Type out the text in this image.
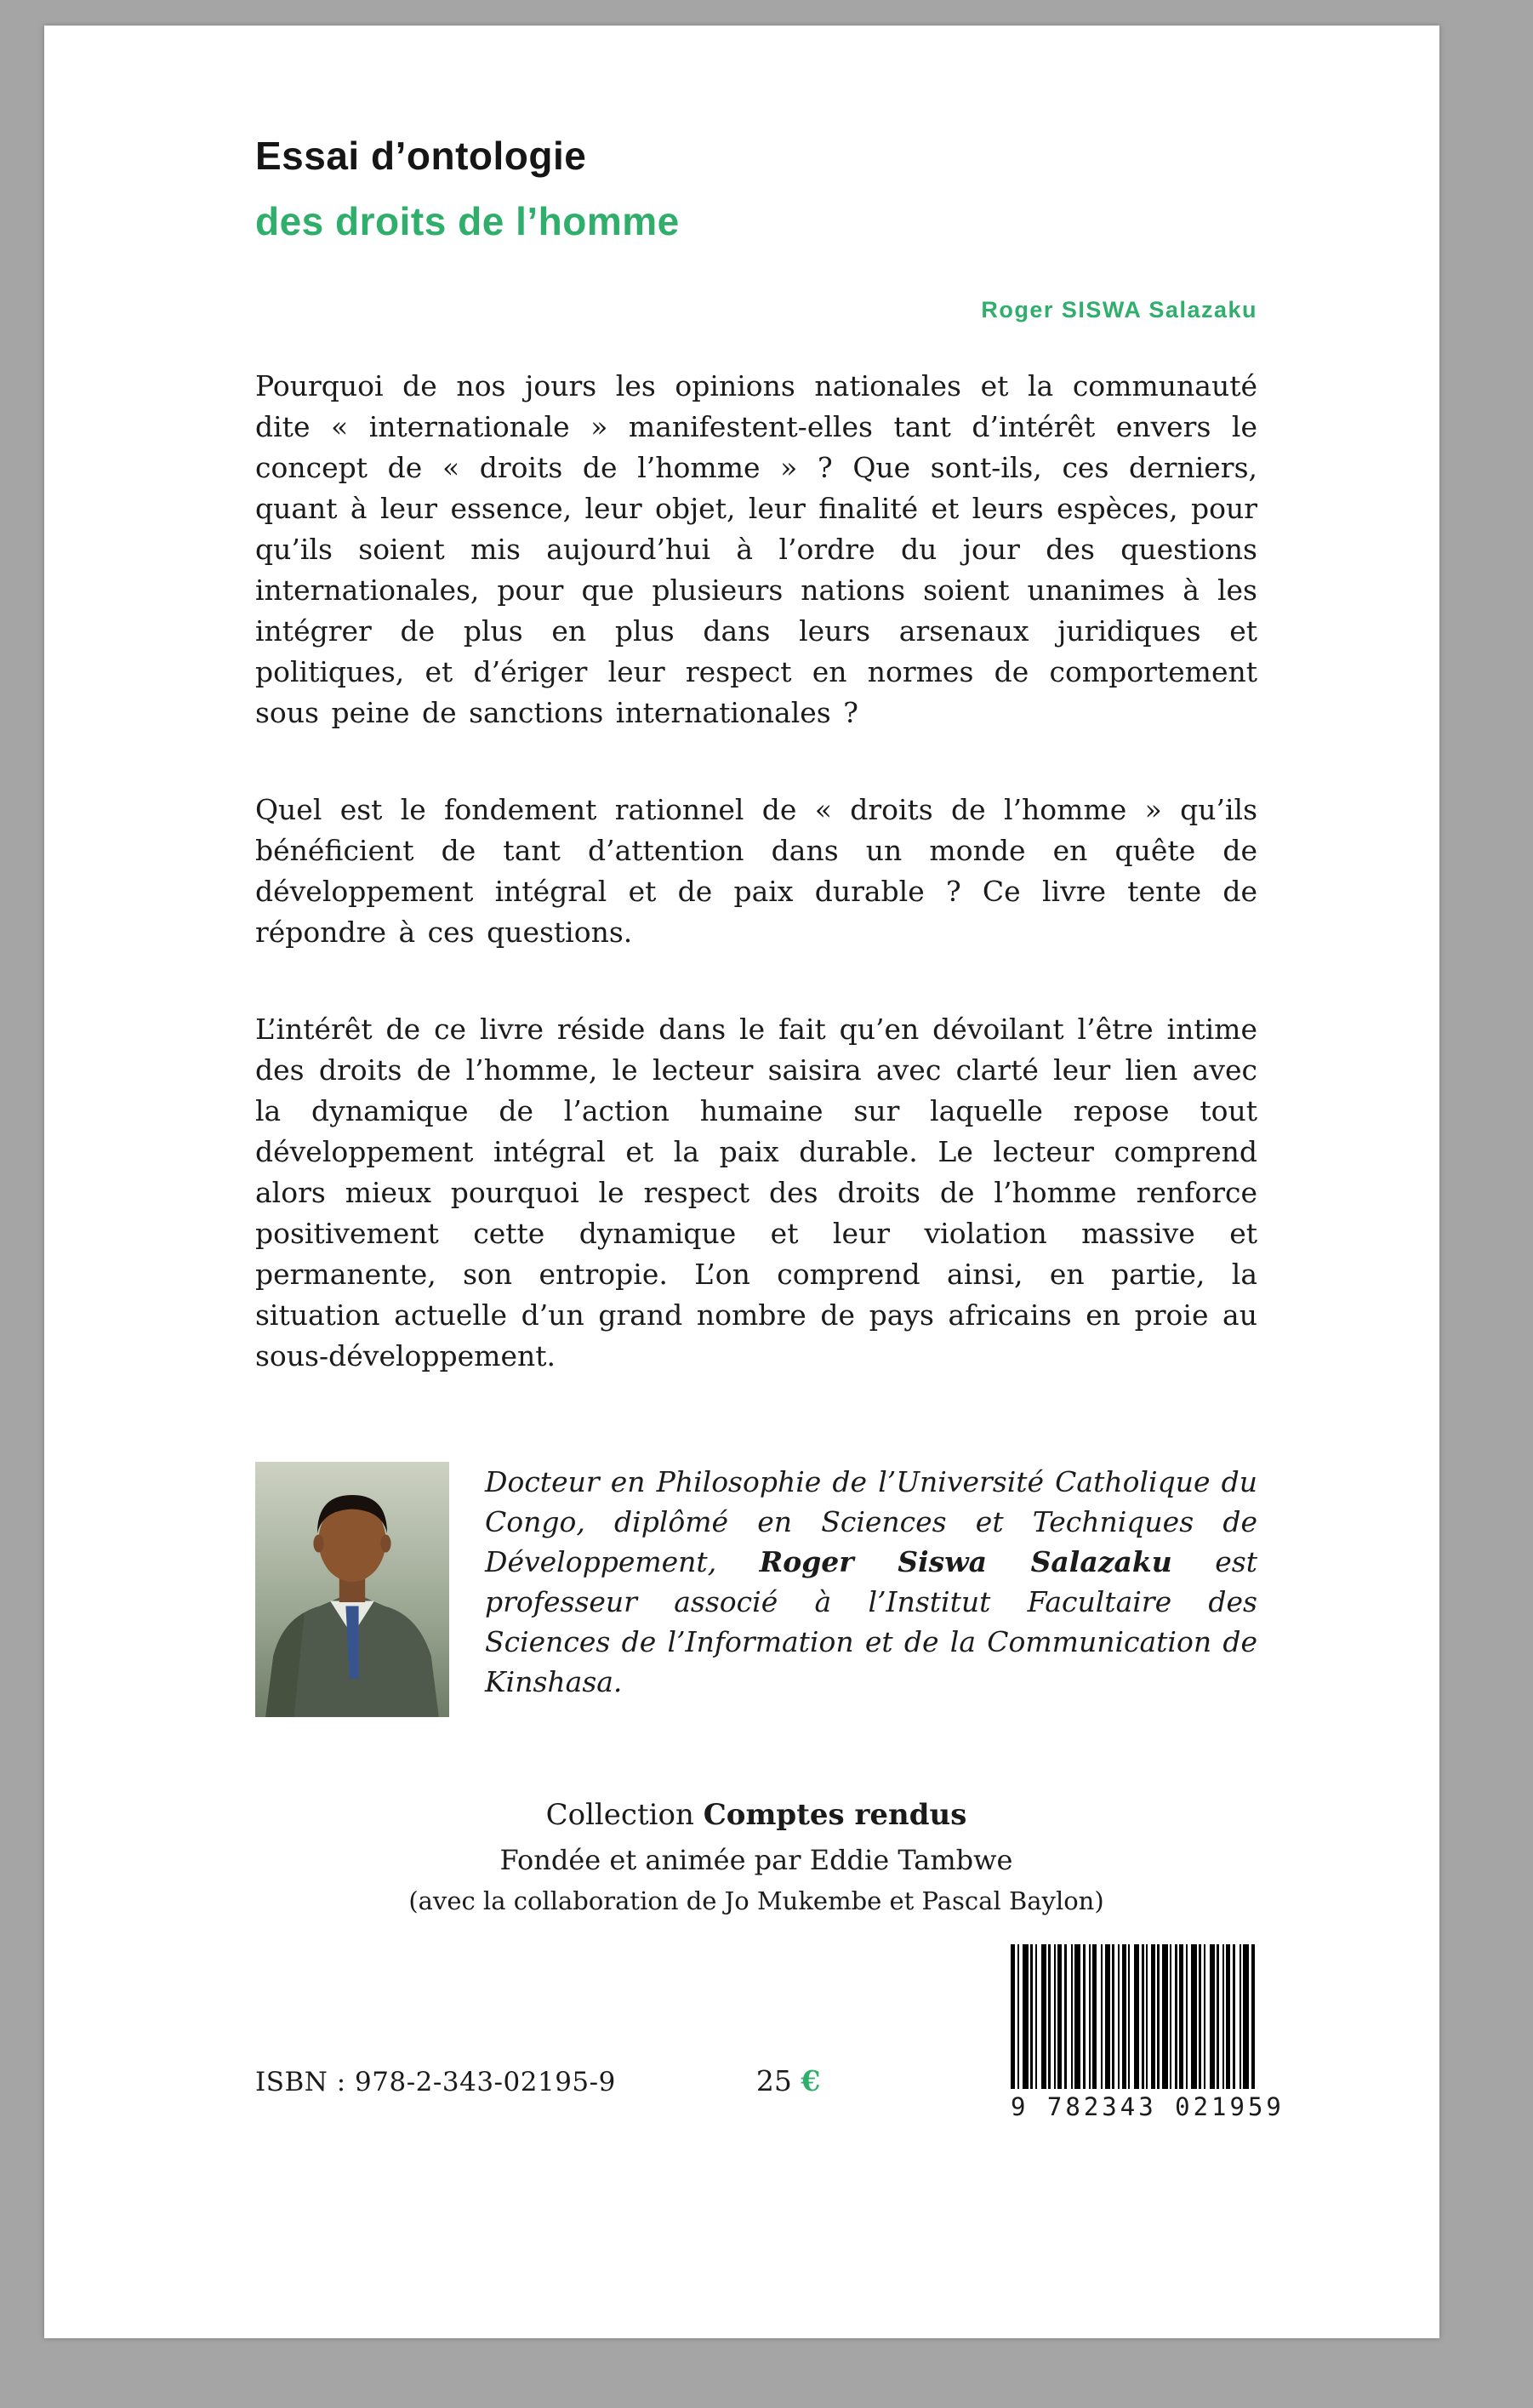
Essai d’ontologie
des droits de l’homme
Roger SISWA Salazaku

Pourquoi de nos jours les opinions nationales et la communauté dite « internationale » manifestent-elles tant d’intérêt envers le concept de « droits de l’homme » ? Que sont-ils, ces derniers, quant à leur essence, leur objet, leur finalité et leurs espèces, pour qu’ils soient mis aujourd’hui à l’ordre du jour des questions internationales, pour que plusieurs nations soient unanimes à les intégrer de plus en plus dans leurs arsenaux juridiques et politiques, et d’ériger leur respect en normes de comportement sous peine de sanctions internationales ?

Quel est le fondement rationnel de « droits de l’homme » qu’ils bénéficient de tant d’attention dans un monde en quête de développement intégral et de paix durable ? Ce livre tente de répondre à ces questions.

L’intérêt de ce livre réside dans le fait qu’en dévoilant l’être intime des droits de l’homme, le lecteur saisira avec clarté leur lien avec la dynamique de l’action humaine sur laquelle repose tout développement intégral et la paix durable. Le lecteur comprend alors mieux pourquoi le respect des droits de l’homme renforce positivement cette dynamique et leur violation massive et permanente, son entropie. L’on comprend ainsi, en partie, la situation actuelle d’un grand nombre de pays africains en proie au sous-développement.

Docteur en Philosophie de l’Université Catholique du Congo, diplômé en Sciences et Techniques de Développement, Roger Siswa Salazaku est professeur associé à l’Institut Facultaire des Sciences de l’Information et de la Communication de Kinshasa.

Collection Comptes rendus
Fondée et animée par Eddie Tambwe
(avec la collaboration de Jo Mukembe et Pascal Baylon)
ISBN : 978-2-343-02195-9	25 €
9 782343 021959
